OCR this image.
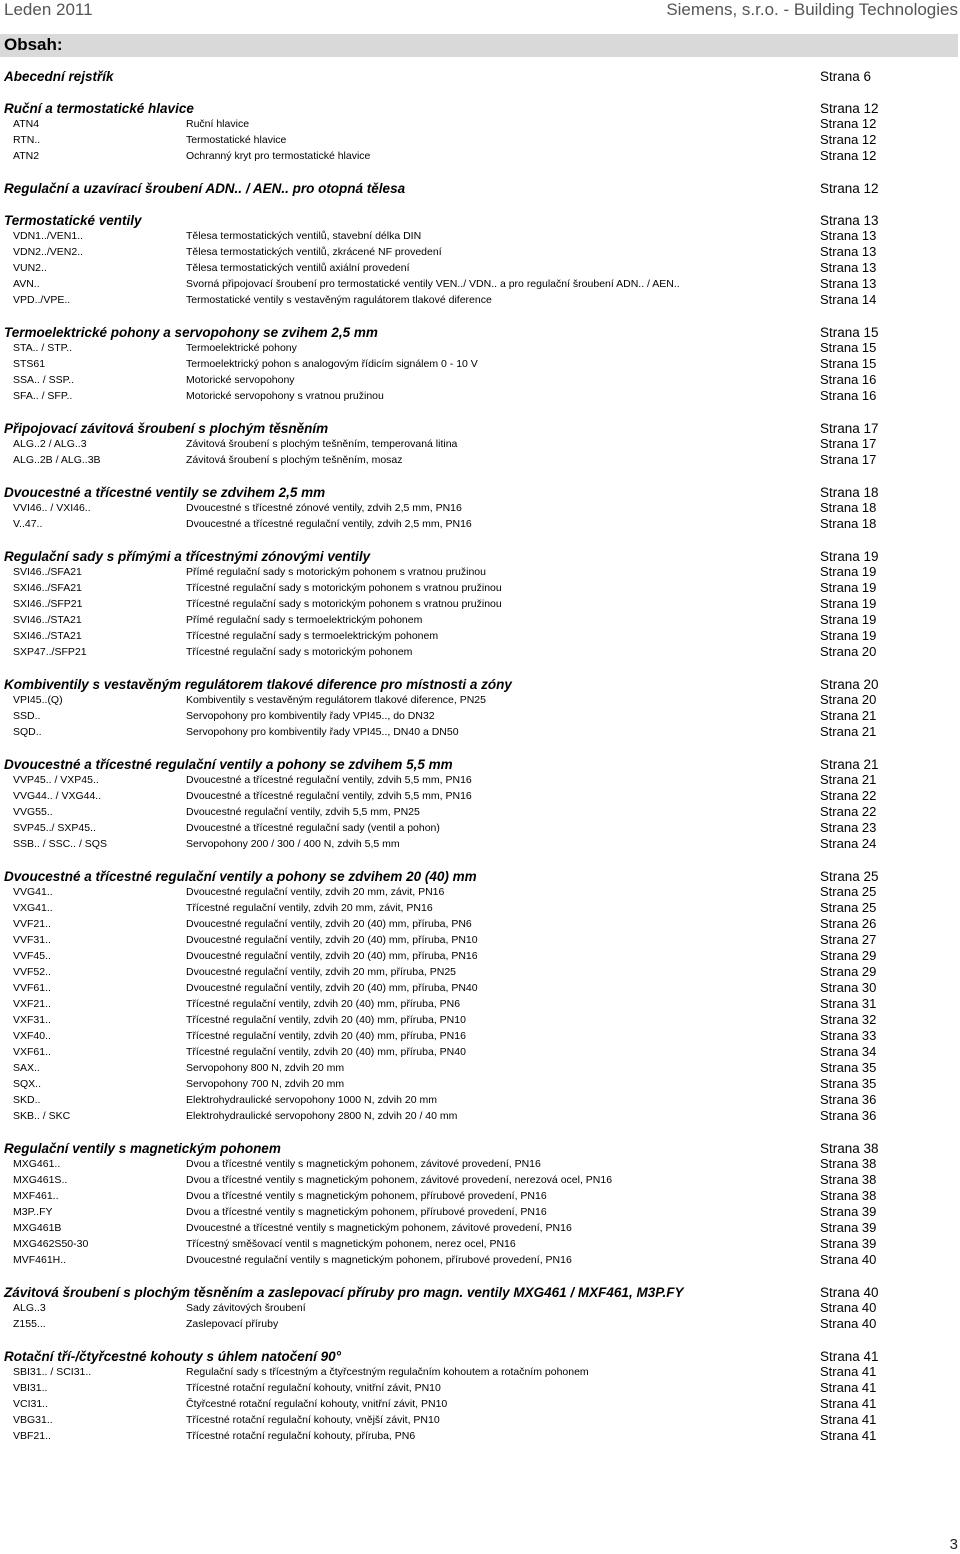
Leden 2011	Siemens, s.r.o. - Building Technologies
Obsah:
Abecední rejstřík	Strana 6
Ruční a termostatické hlavice	Strana 12
ATN4	Ruční hlavice	Strana 12
RTN..	Termostatické hlavice	Strana 12
ATN2	Ochranný kryt pro termostatické hlavice	Strana 12
Regulační a uzavírací šroubení ADN.. / AEN.. pro otopná tělesa	Strana 12
Termostatické ventily	Strana 13
VDN1../VEN1..	Tělesa termostatických ventilů, stavební délka DIN	Strana 13
VDN2../VEN2..	Tělesa termostatických ventilů, zkrácené NF provedení	Strana 13
VUN2..	Tělesa termostatických ventilů axiální provedení	Strana 13
AVN..	Svorná připojovací šroubení pro termostatické ventily VEN../ VDN.. a pro regulační šroubení ADN.. / AEN..	Strana 13
VPD../VPE..	Termostatické ventily s vestavěným ragulátorem tlakové diference	Strana 14
Termoelektrické pohony a servopohony se zvihem 2,5 mm	Strana 15
STA.. / STP..	Termoelektrické pohony	Strana 15
STS61	Termoelektrický pohon s analogovým řídicím signálem 0 - 10 V	Strana 15
SSA.. / SSP..	Motorické servopohony	Strana 16
SFA.. / SFP..	Motorické servopohony s vratnou pružinou	Strana 16
Připojovací závitová šroubení s plochým těsněním	Strana 17
ALG..2 / ALG..3	Závitová šroubení s plochým tešněním, temperovaná litina	Strana 17
ALG..2B / ALG..3B	Závitová šroubení s plochým tešněním, mosaz	Strana 17
Dvoucestné a třícestné ventily se zdvihem 2,5 mm	Strana 18
VVI46.. / VXI46..	Dvoucestné s třícestné zónové ventily, zdvih 2,5 mm, PN16	Strana 18
V..47..	Dvoucestné a třícestné regulační ventily, zdvih 2,5 mm, PN16	Strana 18
Regulační sady s přímými a třícestnými zónovými ventily	Strana 19
SVI46../SFA21	Přímé regulační sady s motorickým pohonem s vratnou pružinou	Strana 19
SXI46../SFA21	Třícestné regulační sady s motorickým pohonem s vratnou pružinou	Strana 19
SXI46../SFP21	Třícestné regulační sady s motorickým pohonem s vratnou pružinou	Strana 19
SVI46../STA21	Přímé regulační sady s termoelektrickým pohonem	Strana 19
SXI46../STA21	Třícestné regulační sady s termoelektrickým pohonem	Strana 19
SXP47../SFP21	Třícestné regulační sady s motorickým pohonem	Strana 20
Kombiventily s vestavěným regulátorem tlakové diference pro místnosti a zóny	Strana 20
VPI45..(Q)	Kombiventily s vestavěným regulátorem tlakové diference, PN25	Strana 20
SSD..	Servopohony pro kombiventily řady VPI45.., do DN32	Strana 21
SQD..	Servopohony pro kombiventily řady VPI45.., DN40 a DN50	Strana 21
Dvoucestné a třícestné regulační ventily a pohony se zdvihem 5,5 mm	Strana 21
VVP45.. / VXP45..	Dvoucestné a třícestné regulační ventily, zdvih 5,5 mm, PN16	Strana 21
VVG44.. / VXG44..	Dvoucestné a třícestné regulační ventily, zdvih 5,5 mm, PN16	Strana 22
VVG55..	Dvoucestné regulační ventily, zdvih 5,5 mm, PN25	Strana 22
SVP45../ SXP45..	Dvoucestné a třícestné regulační sady (ventil a pohon)	Strana 23
SSB.. / SSC.. / SQS	Servopohony 200 / 300 / 400 N, zdvih 5,5 mm	Strana 24
Dvoucestné a třícestné regulační ventily a pohony se zdvihem 20 (40) mm	Strana 25
VVG41..	Dvoucestné regulační ventily, zdvih 20 mm, závit, PN16	Strana 25
VXG41..	Třícestné regulační ventily, zdvih 20 mm, závit, PN16	Strana 25
VVF21..	Dvoucestné regulační ventily, zdvih 20 (40) mm, příruba, PN6	Strana 26
VVF31..	Dvoucestné regulační ventily, zdvih 20 (40) mm, příruba, PN10	Strana 27
VVF45..	Dvoucestné regulační ventily, zdvih 20 (40) mm, příruba, PN16	Strana 29
VVF52..	Dvoucestné regulační ventily, zdvih 20 mm, příruba, PN25	Strana 29
VVF61..	Dvoucestné regulační ventily, zdvih 20 (40) mm, příruba, PN40	Strana 30
VXF21..	Třícestné regulační ventily, zdvih 20 (40) mm, příruba, PN6	Strana 31
VXF31..	Třícestné regulační ventily, zdvih 20 (40) mm, příruba, PN10	Strana 32
VXF40..	Třícestné regulační ventily, zdvih 20 (40) mm, příruba, PN16	Strana 33
VXF61..	Třícestné regulační ventily, zdvih 20 (40) mm, příruba, PN40	Strana 34
SAX..	Servopohony 800 N, zdvih 20 mm	Strana 35
SQX..	Servopohony 700 N, zdvih 20 mm	Strana 35
SKD..	Elektrohydraulické servopohony 1000 N, zdvih 20 mm	Strana 36
SKB.. / SKC	Elektrohydraulické servopohony 2800 N, zdvih 20 / 40 mm	Strana 36
Regulační ventily s magnetickým pohonem	Strana 38
MXG461..	Dvou a třícestné ventily s magnetickým pohonem, závitové provedení, PN16	Strana 38
MXG461S..	Dvou a třícestné ventily s magnetickým pohonem, závitové provedení, nerezová ocel, PN16	Strana 38
MXF461..	Dvou a třícestné ventily s magnetickým pohonem, přírubové provedení, PN16	Strana 38
M3P..FY	Dvou a třícestné ventily s magnetickým pohonem, přírubové provedení, PN16	Strana 39
MXG461B	Dvoucestné a třícestné ventily s magnetickým pohonem, závitové provedení, PN16	Strana 39
MXG462S50-30	Třícestný směšovací ventil s magnetickým pohonem, nerez ocel, PN16	Strana 39
MVF461H..	Dvoucestné regulační ventily s magnetickým pohonem, přírubové provedení, PN16	Strana 40
Závitová šroubení s plochým těsněním a zaslepovací příruby pro magn. ventily MXG461 / MXF461, M3P.FY	Strana 40
ALG..3	Sady závitových šroubení	Strana 40
Z155...	Zaslepovací příruby	Strana 40
Rotační tří-/čtyřcestné kohouty s úhlem natočení 90°	Strana 41
SBI31.. / SCI31..	Regulační sady s třícestným a čtyřcestným regulačním kohoutem a rotačním pohonem	Strana 41
VBI31..	Třícestné rotační regulační kohouty, vnitřní závit, PN10	Strana 41
VCI31..	Čtyřcestné rotační regulační kohouty, vnitřní závit, PN10	Strana 41
VBG31..	Třícestné rotační regulační kohouty, vnější závit, PN10	Strana 41
VBF21..	Třícestné rotační regulační kohouty, příruba, PN6	Strana 41
3
